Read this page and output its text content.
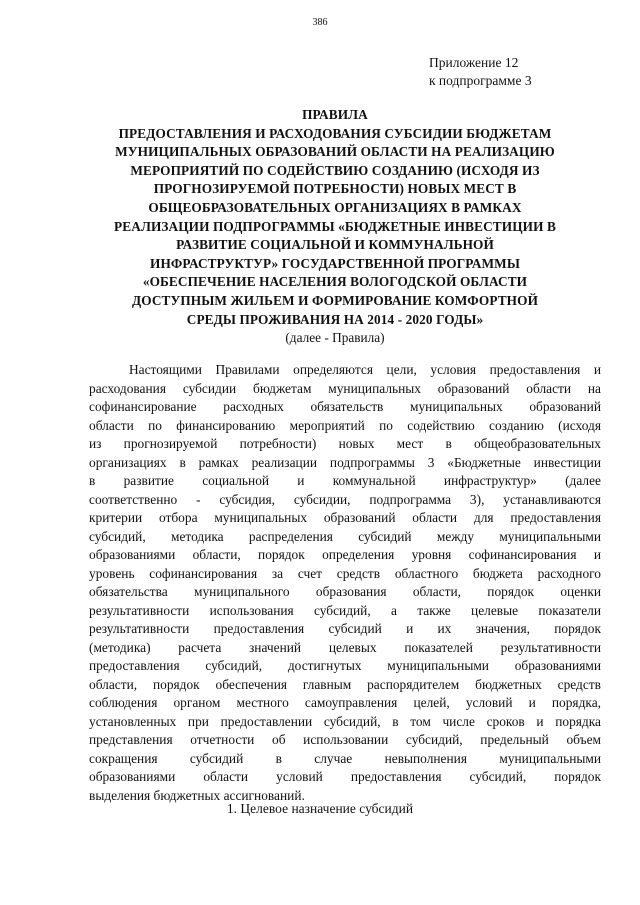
386
Приложение 12
к подпрограмме 3
ПРАВИЛА
ПРЕДОСТАВЛЕНИЯ И РАСХОДОВАНИЯ СУБСИДИИ БЮДЖЕТАМ
МУНИЦИПАЛЬНЫХ ОБРАЗОВАНИЙ ОБЛАСТИ НА РЕАЛИЗАЦИЮ
МЕРОПРИЯТИЙ ПО СОДЕЙСТВИЮ СОЗДАНИЮ (ИСХОДЯ ИЗ
ПРОГНОЗИРУЕМОЙ ПОТРЕБНОСТИ) НОВЫХ МЕСТ В
ОБЩЕОБРАЗОВАТЕЛЬНЫХ ОРГАНИЗАЦИЯХ В РАМКАХ
РЕАЛИЗАЦИИ ПОДПРОГРАММЫ «БЮДЖЕТНЫЕ ИНВЕСТИЦИИ В
РАЗВИТИЕ СОЦИАЛЬНОЙ И КОММУНАЛЬНОЙ
ИНФРАСТРУКТУР» ГОСУДАРСТВЕННОЙ ПРОГРАММЫ
«ОБЕСПЕЧЕНИЕ НАСЕЛЕНИЯ ВОЛОГОДСКОЙ ОБЛАСТИ
ДОСТУПНЫМ ЖИЛЬЕМ И ФОРМИРОВАНИЕ КОМФОРТНОЙ
СРЕДЫ ПРОЖИВАНИЯ НА 2014 - 2020 ГОДЫ»
(далее - Правила)
Настоящими Правилами определяются цели, условия предоставления и
расходования субсидии бюджетам муниципальных образований области на
софинансирование расходных обязательств муниципальных образований
области по финансированию мероприятий по содействию созданию (исходя
из прогнозируемой потребности) новых мест в общеобразовательных
организациях в рамках реализации подпрограммы 3 «Бюджетные инвестиции
в развитие социальной и коммунальной инфраструктур» (далее
соответственно - субсидия, субсидии, подпрограмма 3), устанавливаются
критерии отбора муниципальных образований области для предоставления
субсидий, методика распределения субсидий между муниципальными
образованиями области, порядок определения уровня софинансирования и
уровень софинансирования за счет средств областного бюджета расходного
обязательства муниципального образования области, порядок оценки
результативности использования субсидий, а также целевые показатели
результативности предоставления субсидий и их значения, порядок
(методика) расчета значений целевых показателей результативности
предоставления субсидий, достигнутых муниципальными образованиями
области, порядок обеспечения главным распорядителем бюджетных средств
соблюдения органом местного самоуправления целей, условий и порядка,
установленных при предоставлении субсидий, в том числе сроков и порядка
представления отчетности об использовании субсидий, предельный объем
сокращения субсидий в случае невыполнения муниципальными
образованиями области условий предоставления субсидий, порядок
выделения бюджетных ассигнований.
1. Целевое назначение субсидий
